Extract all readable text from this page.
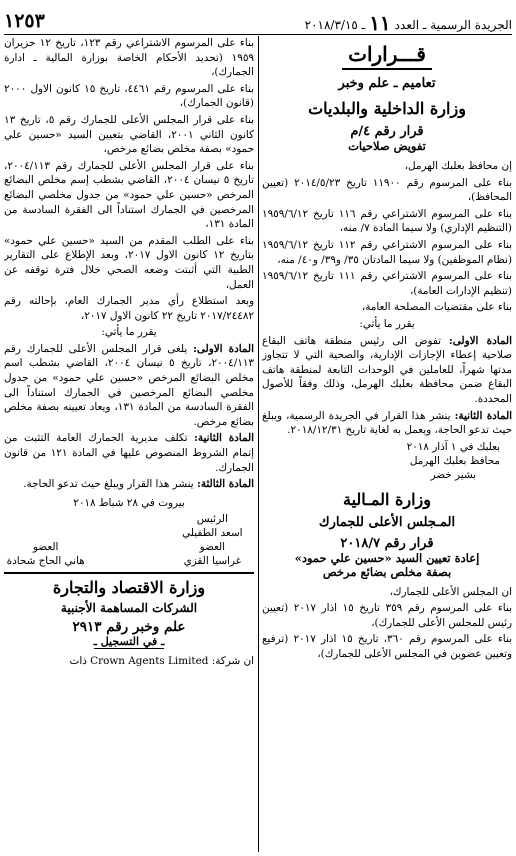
الجريدة الرسمية ـ العدد
١١
ـ ٢٠١٨/٣/١٥
١٢٥٣
قـــرارات
تعاميم ـ علم وخبر
وزارة الداخلية والبلديات
قرار رقم ٤/م
تفويض صلاحيات

إن محافظ بعلبك الهرمل،

بناء على المرسوم رقم ١١٩٠٠ تاريخ ٢٠١٤/٥/٢٣ (تعيين المحافظ)،

بناء على المرسوم الاشتراعي رقم ١١٦ تاريخ ١٩٥٩/٦/١٢ (التنظيم الإداري) ولا سيما المادة ٧/ منه،

بناء على المرسوم الاشتراعي رقم ١١٢ تاريخ ١٩٥٩/٦/١٢ (نظام الموظفين) ولا سيما المادتان ٣٥/ و٣٩/ و٤٠/ منه،

بناء على المرسوم الاشتراعي رقم ١١١ تاريخ ١٩٥٩/٦/١٢ (تنظيم الإدارات العامة)،

بناء على مقتضيات المصلحة العامة،

يقرر ما يأتي:

المادة الاولى: تفوض الى رئيس منطقة هاتف البقاع صلاحية إعطاء الإجازات الإدارية، والصحية التي لا تتجاوز مدتها شهراً، للعاملين في الوحدات التابعة لمنطقة هاتف البقاع ضمن محافظة بعلبك الهرمل، وذلك وفقاً للأصول المحددة.

المادة الثانية: ينشر هذا القرار في الجريدة الرسمية، ويبلغ حيث تدعو الحاجة، ويعمل به لغاية تاريخ ٢٠١٨/١٢/٣١.

بعلبك في ١ آذار ٢٠١٨

محافظ بعلبك الهرمل

بشير خضر

وزارة المـالية
المـجلس الأعلى للجمارك
قرار رقم ٢٠١٨/٧
إعادة تعيين السيد «حسين علي حمود»
بصفة مخلص بضائع مرخص

ان المجلس الأعلى للجمارك،

بناء على المرسوم رقم ٣٥٩ تاريخ ١٥ اذار ٢٠١٧ (تعيين رئيس للمجلس الأعلى للجمارك)،

بناء على المرسوم رقم ٣٦٠، تاريخ ١٥ اذار ٢٠١٧ (ترفيع وتعيين عضوين في المجلس الأعلى للجمارك)،

بناء على المرسوم الاشتراعي رقم ١٢٣، تاريخ ١٢ حزيران ١٩٥٩ (تحديد الأحكام الخاصة بوزارة المالية ـ ادارة الجمارك)،

بناء على المرسوم رقم ٤٤٦١، تاريخ ١٥ كانون الاول ٢٠٠٠ (قانون الجمارك)،

بناء على قرار المجلس الأعلى للجمارك رقم ٥، تاريخ ١٣ كانون الثاني ٢٠٠١، القاضي بتعيين السيد «حسين علي حمود» بصفة مخلص بضائع مرخص،

بناء على قرار المجلس الأعلى للجمارك رقم ٢٠٠٤/١١٣، تاريخ ٥ نيسان ٢٠٠٤، القاضي بشطب إسم مخلص البضائع المرخص «حسين علي حمود» من جدول مخلصي البضائع المرخصين في الجمارك استناداً الى الفقرة السادسة من المادة ١٣١،

بناء على الطلب المقدم من السيد «حسين علي حمود» بتاريخ ١٢ كانون الاول ٢٠١٧، وبعد الإطلاع على التقارير الطبية التي أثبتت وضعه الصحي خلال فترة توقفه عن العمل،

وبعد استطلاع رأي مدير الجمارك العام، بإحالته رقم ٢٠١٧/٢٤٤٨٢ تاريخ ٢٢ كانون الاول ٢٠١٧،

يقرر ما يأتي:

المادة الاولى: يلغى قرار المجلس الأعلى للجمارك رقم ٢٠٠٤/١١٣، تاريخ ٥ نيسان ٢٠٠٤، القاضي بشطب اسم مخلص البضائع المرخص «حسين علي حمود» من جدول مخلصي البضائع المرخصين في الجمارك استناداً الى الفقرة السادسة من المادة ١٣١، ويعاد تعيينه بصفة مخلص بضائع مرخص.

المادة الثانية: تكلف مديرية الجمارك العامة التثبت من إتمام الشروط المنصوص عليها في المادة ١٢١ من قانون الجمارك.

المادة الثالثة: ينشر هذا القرار ويبلغ حيث تدعو الحاجة.

بيروت في ٢٨ شباط ٢٠١٨

الرئيس
اسعد الطفيلي
العضو
غراسيا القزي
العضو
هاني الحاج شحادة
وزارة الاقتصاد والتجارة
الشركات المساهمة الأجنبية
علم وخبر رقم ٢٩١٣
ـ في التسجيل ـ

ان شركة: Crown Agents Limited ذات
